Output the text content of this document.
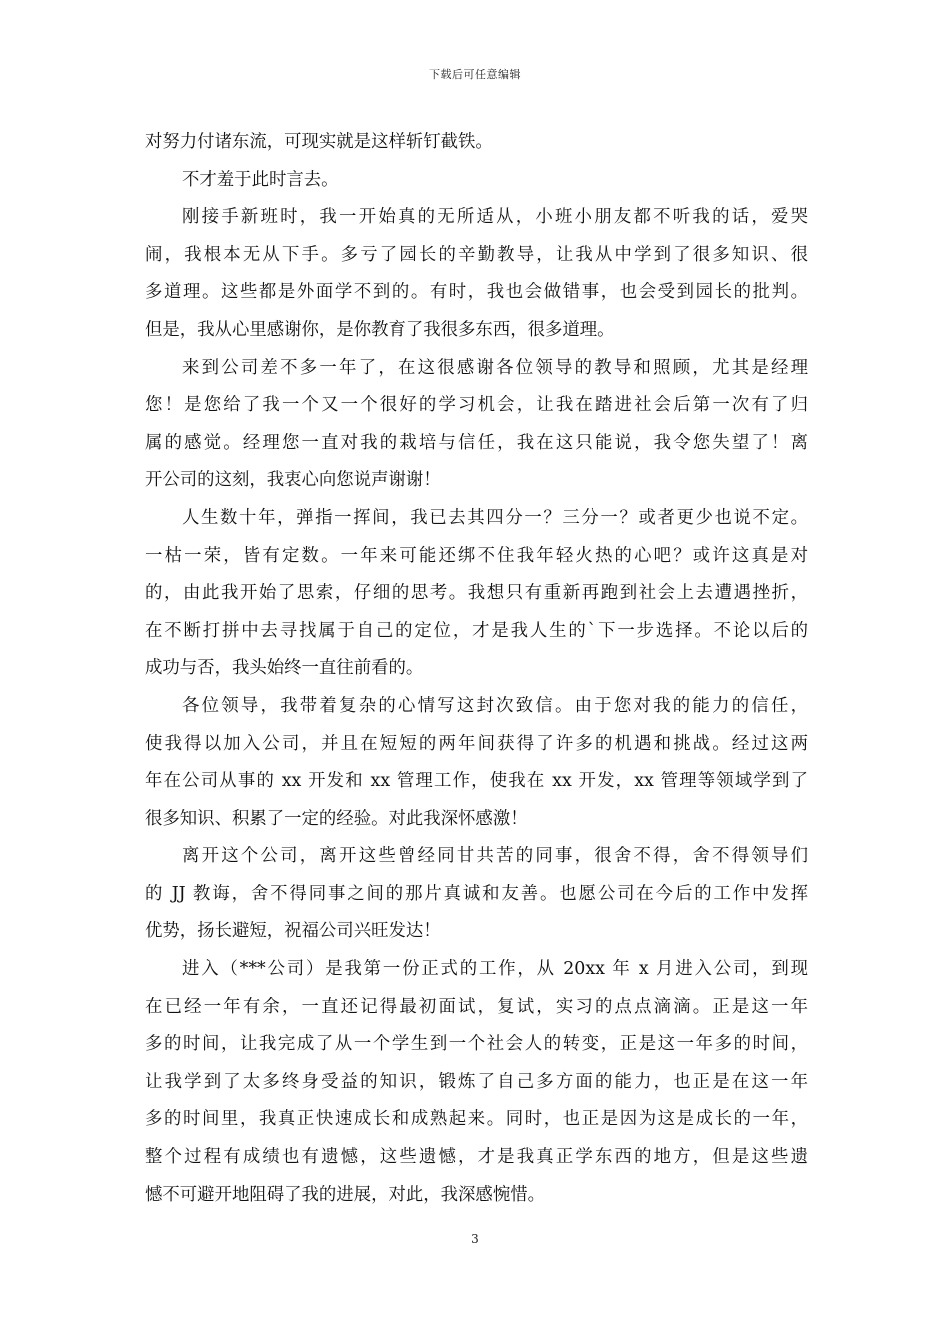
下载后可任意编辑
对努力付诸东流，可现实就是这样斩钉截铁。
不才羞于此时言去。
刚接手新班时，我一开始真的无所适从，小班小朋友都不听我的话，爱哭
闹，我根本无从下手。多亏了园长的辛勤教导，让我从中学到了很多知识、很
多道理。这些都是外面学不到的。有时，我也会做错事，也会受到园长的批判。
但是，我从心里感谢你，是你教育了我很多东西，很多道理。
来到公司差不多一年了，在这很感谢各位领导的教导和照顾，尤其是经理
您！是您给了我一个又一个很好的学习机会，让我在踏进社会后第一次有了归
属的感觉。经理您一直对我的栽培与信任，我在这只能说，我令您失望了！离
开公司的这刻，我衷心向您说声谢谢！
人生数十年，弹指一挥间，我已去其四分一？三分一？或者更少也说不定。
一枯一荣，皆有定数。一年来可能还绑不住我年轻火热的心吧？或许这真是对
的，由此我开始了思索，仔细的思考。我想只有重新再跑到社会上去遭遇挫折，
在不断打拼中去寻找属于自己的定位，才是我人生的`下一步选择。不论以后的
成功与否，我头始终一直往前看的。
各位领导，我带着复杂的心情写这封次致信。由于您对我的能力的信任，
使我得以加入公司，并且在短短的两年间获得了许多的机遇和挑战。经过这两
年在公司从事的 xx 开发和 xx 管理工作，使我在 xx 开发，xx 管理等领域学到了
很多知识、积累了一定的经验。对此我深怀感激！
离开这个公司，离开这些曾经同甘共苦的同事，很舍不得，舍不得领导们
的 JJ 教诲，舍不得同事之间的那片真诚和友善。也愿公司在今后的工作中发挥
优势，扬长避短，祝福公司兴旺发达！
进入（***公司）是我第一份正式的工作，从 20xx 年 x 月进入公司，到现
在已经一年有余，一直还记得最初面试，复试，实习的点点滴滴。正是这一年
多的时间，让我完成了从一个学生到一个社会人的转变，正是这一年多的时间，
让我学到了太多终身受益的知识，锻炼了自己多方面的能力，也正是在这一年
多的时间里，我真正快速成长和成熟起来。同时，也正是因为这是成长的一年，
整个过程有成绩也有遗憾，这些遗憾，才是我真正学东西的地方，但是这些遗
憾不可避开地阻碍了我的进展，对此，我深感惋惜。
3
